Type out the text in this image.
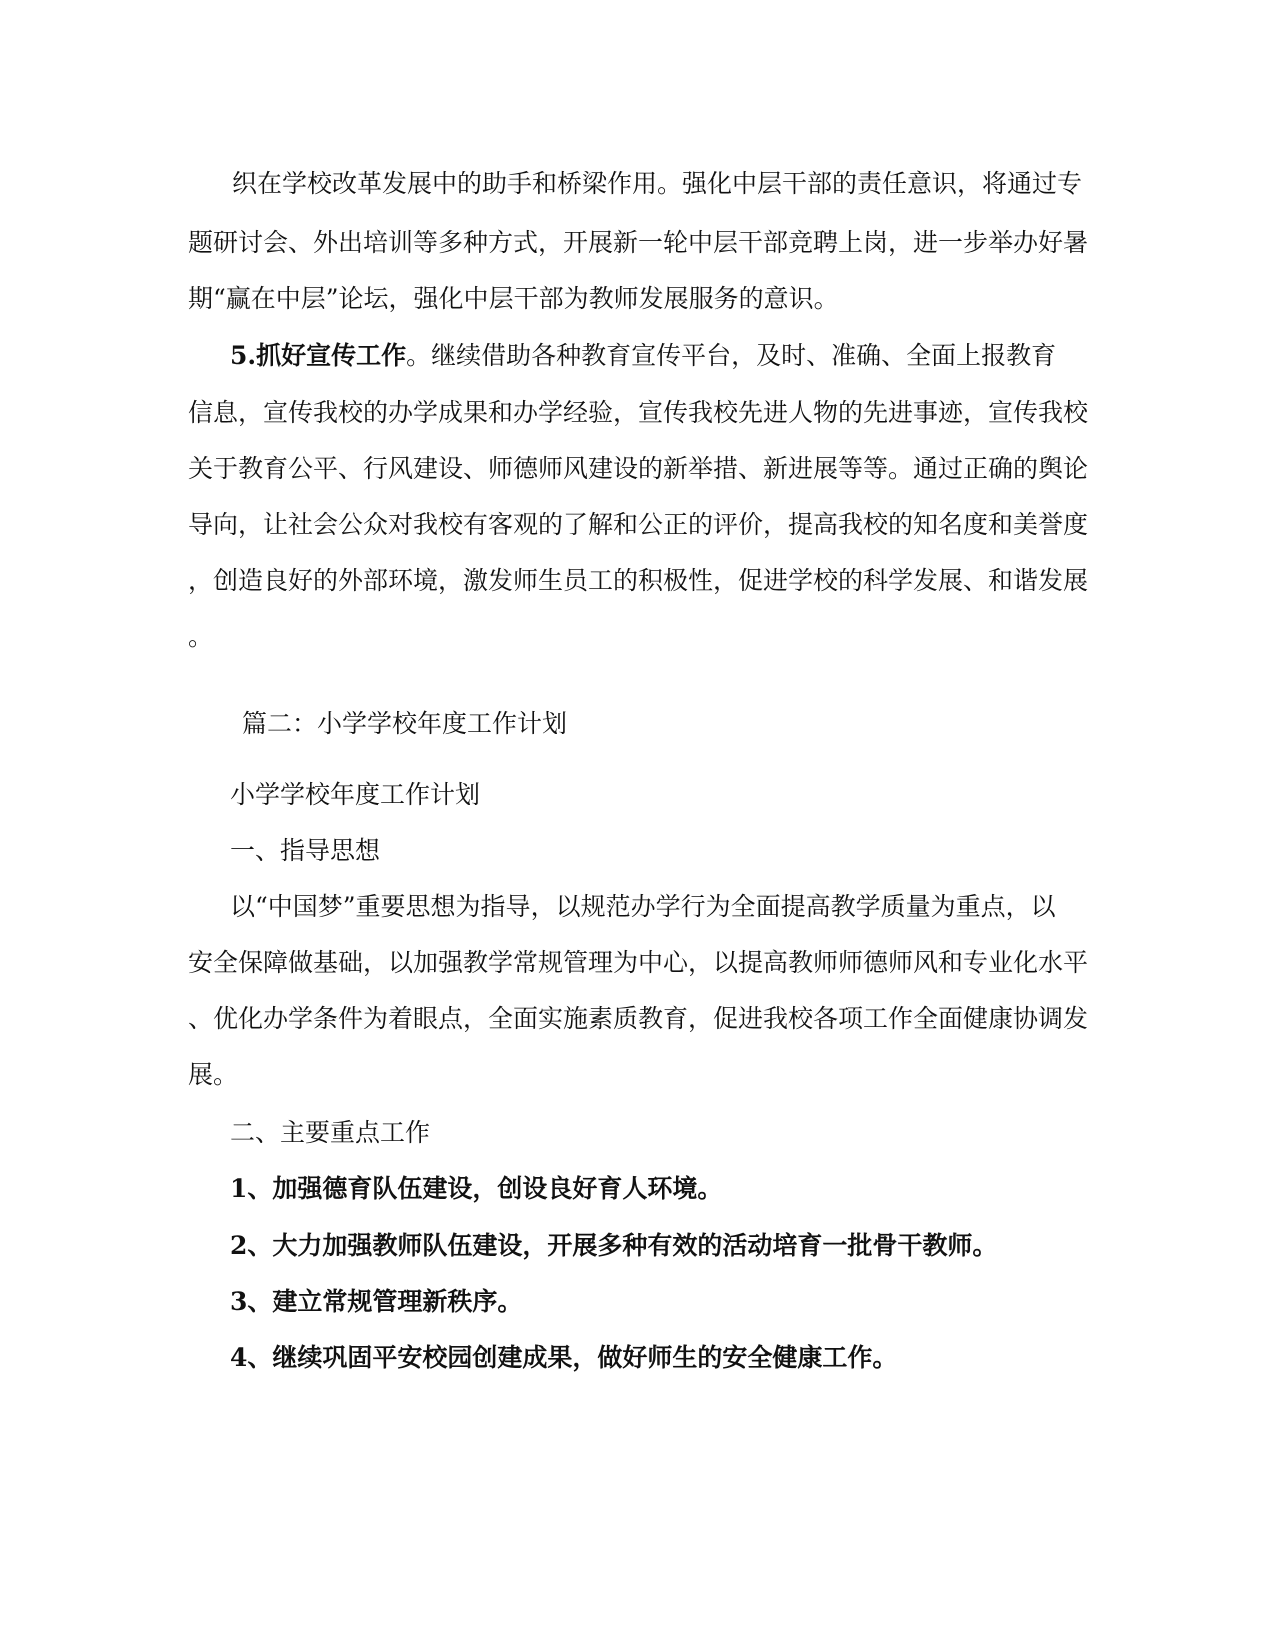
织在学校改革发展中的助手和桥梁作用。强化中层干部的责任意识，将通过专
题研讨会、外出培训等多种方式，开展新一轮中层干部竞聘上岗，进一步举办好暑
期“赢在中层”论坛，强化中层干部为教师发展服务的意识。
5.抓好宣传工作。继续借助各种教育宣传平台，及时、准确、全面上报教育
信息，宣传我校的办学成果和办学经验，宣传我校先进人物的先进事迹，宣传我校
关于教育公平、行风建设、师德师风建设的新举措、新进展等等。通过正确的舆论
导向，让社会公众对我校有客观的了解和公正的评价，提高我校的知名度和美誉度
，创造良好的外部环境，激发师生员工的积极性，促进学校的科学发展、和谐发展
。
篇二：小学学校年度工作计划
小学学校年度工作计划
一、指导思想
以“中国梦”重要思想为指导，以规范办学行为全面提高教学质量为重点，以
安全保障做基础，以加强教学常规管理为中心，以提高教师师德师风和专业化水平
、优化办学条件为着眼点，全面实施素质教育，促进我校各项工作全面健康协调发
展。
二、主要重点工作
1、加强德育队伍建设，创设良好育人环境。
2、大力加强教师队伍建设，开展多种有效的活动培育一批骨干教师。
3、建立常规管理新秩序。
4、继续巩固平安校园创建成果，做好师生的安全健康工作。
